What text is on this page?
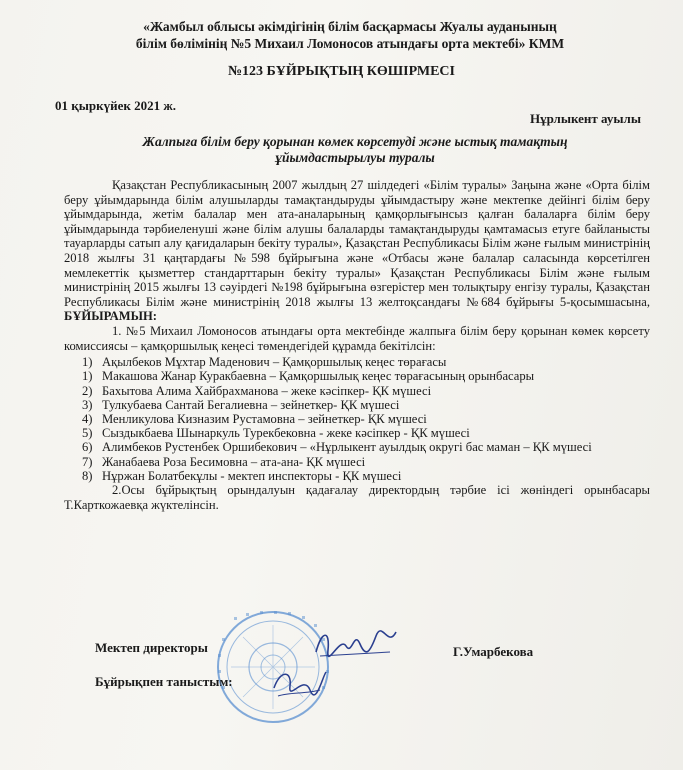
«Жамбыл облысы әкімдігінің білім басқармасы Жуалы ауданының
білім бөлімінің №5 Михаил Ломоносов атындағы орта мектебі» КММ
№123 БҰЙРЫҚТЫҢ КӨШІРМЕСІ
01 қыркүйек 2021 ж.
Нұрлыкент ауылы
Жалпыға білім беру қорынан көмек көрсетуді және ыстық тамақтың
ұйымдастырылуы туралы

Қазақстан Республикасының 2007 жылдың 27 шілдедегі «Білім туралы» Заңына және «Орта білім беру ұйымдарында білім алушыларды тамақтандыруды ұйымдастыру және мектепке дейінгі білім беру ұйымдарында, жетім балалар мен ата-аналарының қамқорлығынсыз қалған балаларға білім беру ұйымдарында тәрбиеленушi және білім алушы балаларды тамақтандыруды қамтамасыз етуге байланысты тауарларды сатып алу қағидаларын бекіту туралы», Қазақстан Республикасы Білім және ғылым министрінің 2018 жылғы 31 қаңтардағы №598 бұйрығына және «Отбасы және балалар саласында көрсетілген мемлекеттік қызметтер стандарттарын бекіту туралы» Қазақстан Республикасы Білім және ғылым министрінің 2015 жылғы 13 сәуірдегі №198 бұйрығына өзгерістер мен толықтыру енгізу туралы, Қазақстан Республикасы Білім және министрінің 2018 жылғы 13 желтоқсандағы №684 бұйрығы 5-қосымшасына, БҰЙЫРАМЫН:

1. №5 Михаил Ломоносов атындағы орта мектебінде жалпыға білім беру қорынан көмек көрсету комиссиясы – қамқоршылық кеңесі төмендегідей құрамда бекітілсін:

1) Ақылбеков Мұхтар Маденович – Қамқоршылық кеңес төрағасы
1) Макашова Жанар Куракбаевна – Қамқоршылық кеңес төрағасының орынбасары
2) Бахытова Алима Хайбрахманова – жеке кәсіпкер- ҚК мүшесі
3) Тулкубаева Сантай Бегалиевна – зейнеткер- ҚК мүшесі
4) Менликулова Кизназим Рустамовна – зейнеткер- ҚК мүшесі
5) Сыздыкбаева Шынаркуль Турекбековна - жеке кәсіпкер - ҚК мүшесі
6) Алимбеков Рустенбек Оршибекович – «Нұрлыкент ауылдық округі бас маман – ҚК мүшесі
7) Жанабаева Роза Бесимовна – ата-ана- ҚК мүшесі
8) Нұржан Болатбекұлы - мектеп инспекторы - ҚК мүшесі

2.Осы бұйрықтың орындалуын қадағалау директордың тәрбие ісі жөніндегі орынбасары Т.Карткожаевқа жүктелінсін.

Мектеп директоры	Г.Умарбекова
Бұйрықпен таныстым:
